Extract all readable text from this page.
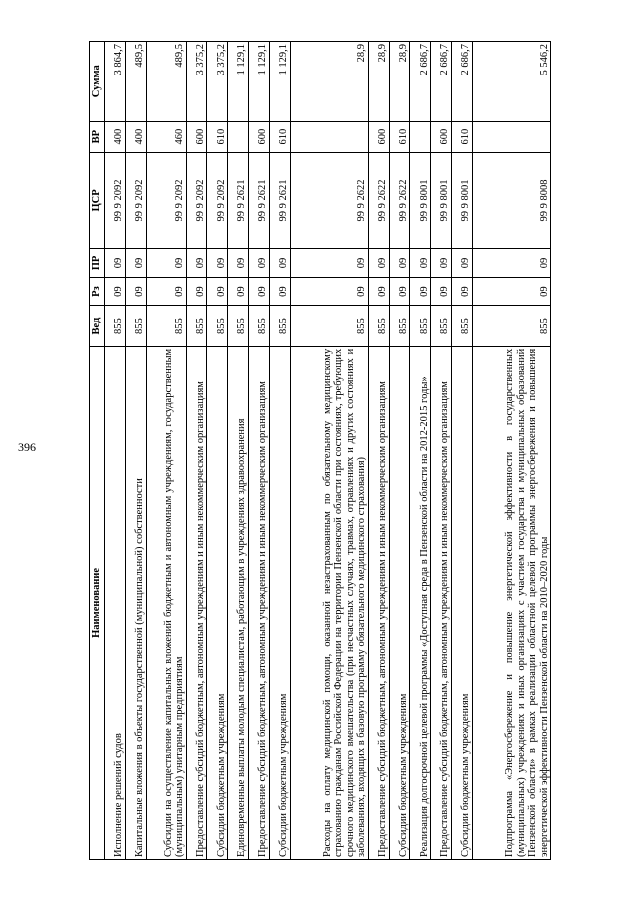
396
Наименование	Вед	Рз	ПР	ЦСР	ВР	Сумма
Исполнение решений судов	855	09	09	99 9 2092	400	3 864,7
Капитальные вложения в объекты государственной (муниципальной) собственности	855	09	09	99 9 2092	400	489,5
Субсидии на осуществление капитальных вложений бюджетным и автономным учреждениям, государственным (муниципальным) унитарным предприятиям	855	09	09	99 9 2092	460	489,5
Предоставление субсидий бюджетным, автономным учреждениям и иным некоммерческим организациям	855	09	09	99 9 2092	600	3 375,2
Субсидии бюджетным учреждениям	855	09	09	99 9 2092	610	3 375,2
Единовременные выплаты молодым специалистам, работающим в учреждениях здравоохранения	855	09	09	99 9 2621		1 129,1
Предоставление субсидий бюджетным, автономным учреждениям и иным некоммерческим организациям	855	09	09	99 9 2621	600	1 129,1
Субсидии бюджетным учреждениям	855	09	09	99 9 2621	610	1 129,1
Расходы на оплату медицинской помощи, оказанной незастрахованным по обязательному медицинскому страхованию гражданам Российской Федерации на территории Пензенской области при состояниях, требующих срочного медицинского вмешательства (при несчастных случаях, травмах, отравлениях и других состояниях и заболеваниях, входящих в базовую программу обязательного медицинского страхования)	855	09	09	99 9 2622		28,9
Предоставление субсидий бюджетным, автономным учреждениям и иным некоммерческим организациям	855	09	09	99 9 2622	600	28,9
Субсидии бюджетным учреждениям	855	09	09	99 9 2622	610	28,9
Реализация долгосрочной целевой программы «Доступная среда в Пензенской области на 2012-2015 годы»	855	09	09	99 9 8001		2 686,7
Предоставление субсидий бюджетным, автономным учреждениям и иным некоммерческим организациям	855	09	09	99 9 8001	600	2 686,7
Субсидии бюджетным учреждениям	855	09	09	99 9 8001	610	2 686,7
Подпрограмма «Энергосбережение и повышение энергетической эффективности в государственных (муниципальных) учреждениях и иных организациях с участием государства и муниципальных образований Пензенской области» в рамках реализации областной целевой программы энергосбережения и повышения энергетической эффективности Пензенской области на 2010–2020 годы	855	09	09	99 9 8008		5 546,2
